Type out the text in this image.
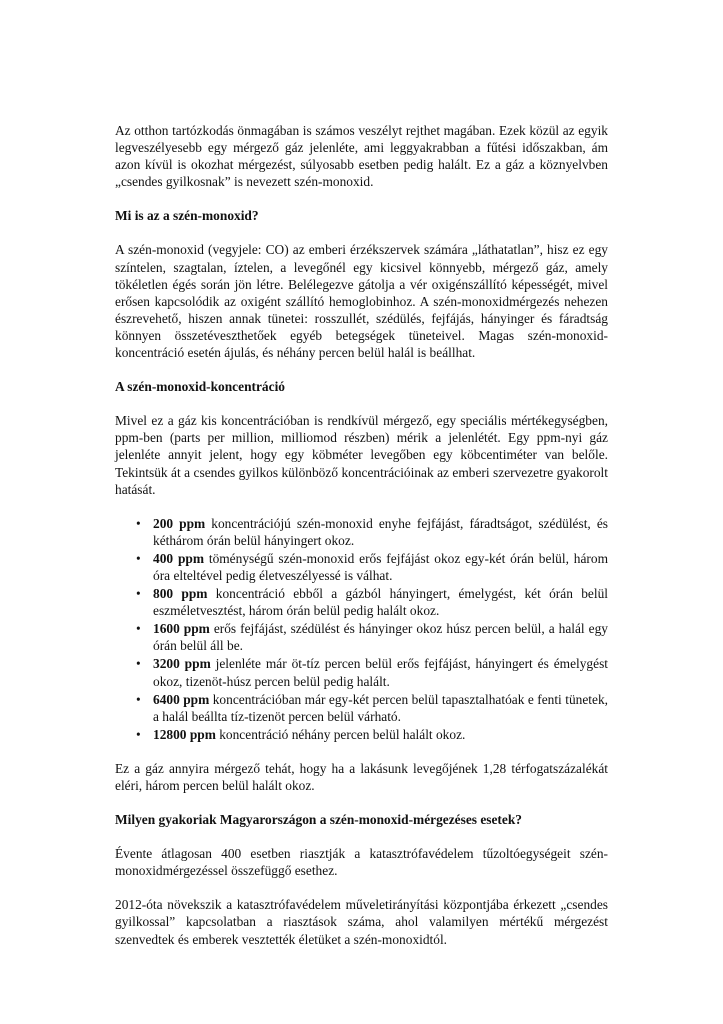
Az otthon tartózkodás önmagában is számos veszélyt rejthet magában. Ezek közül az egyik legveszélyesebb egy mérgező gáz jelenléte, ami leggyakrabban a fűtési időszakban, ám azon kívül is okozhat mérgezést, súlyosabb esetben pedig halált. Ez a gáz a köznyelvben „csendes gyilkosnak” is nevezett szén-monoxid.

Mi is az a szén-monoxid?

A szén-monoxid (vegyjele: CO) az emberi érzékszervek számára „láthatatlan”, hisz ez egy színtelen, szagtalan, íztelen, a levegőnél egy kicsivel könnyebb, mérgező gáz, amely tökéletlen égés során jön létre. Belélegezve gátolja a vér oxigénszállító képességét, mivel erősen kapcsolódik az oxigént szállító hemoglobinhoz. A szén-monoxidmérgezés nehezen észrevehető, hiszen annak tünetei: rosszullét, szédülés, fejfájás, hányinger és fáradtság könnyen összetéveszthetőek egyéb betegségek tüneteivel. Magas szén-monoxid-koncentráció esetén ájulás, és néhány percen belül halál is beállhat.

A szén-monoxid-koncentráció

Mivel ez a gáz kis koncentrációban is rendkívül mérgező, egy speciális mértékegységben, ppm-ben (parts per million, milliomod részben) mérik a jelenlétét. Egy ppm-nyi gáz jelenléte annyit jelent, hogy egy köbméter levegőben egy köbcentiméter van belőle. Tekintsük át a csendes gyilkos különböző koncentrációinak az emberi szervezetre gyakorolt hatását.

• 200 ppm koncentrációjú szén-monoxid enyhe fejfájást, fáradtságot, szédülést, és kéthárom órán belül hányingert okoz.
• 400 ppm töménységű szén-monoxid erős fejfájást okoz egy-két órán belül, három óra elteltével pedig életveszélyessé is válhat.
• 800 ppm koncentráció ebből a gázból hányingert, émelygést, két órán belül eszméletvesztést, három órán belül pedig halált okoz.
• 1600 ppm erős fejfájást, szédülést és hányinger okoz húsz percen belül, a halál egy órán belül áll be.
• 3200 ppm jelenléte már öt-tíz percen belül erős fejfájást, hányingert és émelygést okoz, tizenöt-húsz percen belül pedig halált.
• 6400 ppm koncentrációban már egy-két percen belül tapasztalhatóak e fenti tünetek, a halál beállta tíz-tizenöt percen belül várható.
• 12800 ppm koncentráció néhány percen belül halált okoz.

Ez a gáz annyira mérgező tehát, hogy ha a lakásunk levegőjének 1,28 térfogatszázalékát eléri, három percen belül halált okoz.

Milyen gyakoriak Magyarországon a szén-monoxid-mérgezéses esetek?

Évente átlagosan 400 esetben riasztják a katasztrófavédelem tűzoltóegységeit szén-monoxidmérgezéssel összefüggő esethez.

2012-óta növekszik a katasztrófavédelem műveletirányítási központjába érkezett „csendes gyilkossal” kapcsolatban a riasztások száma, ahol valamilyen mértékű mérgezést szenvedtek és emberek vesztették életüket a szén-monoxidtól.
